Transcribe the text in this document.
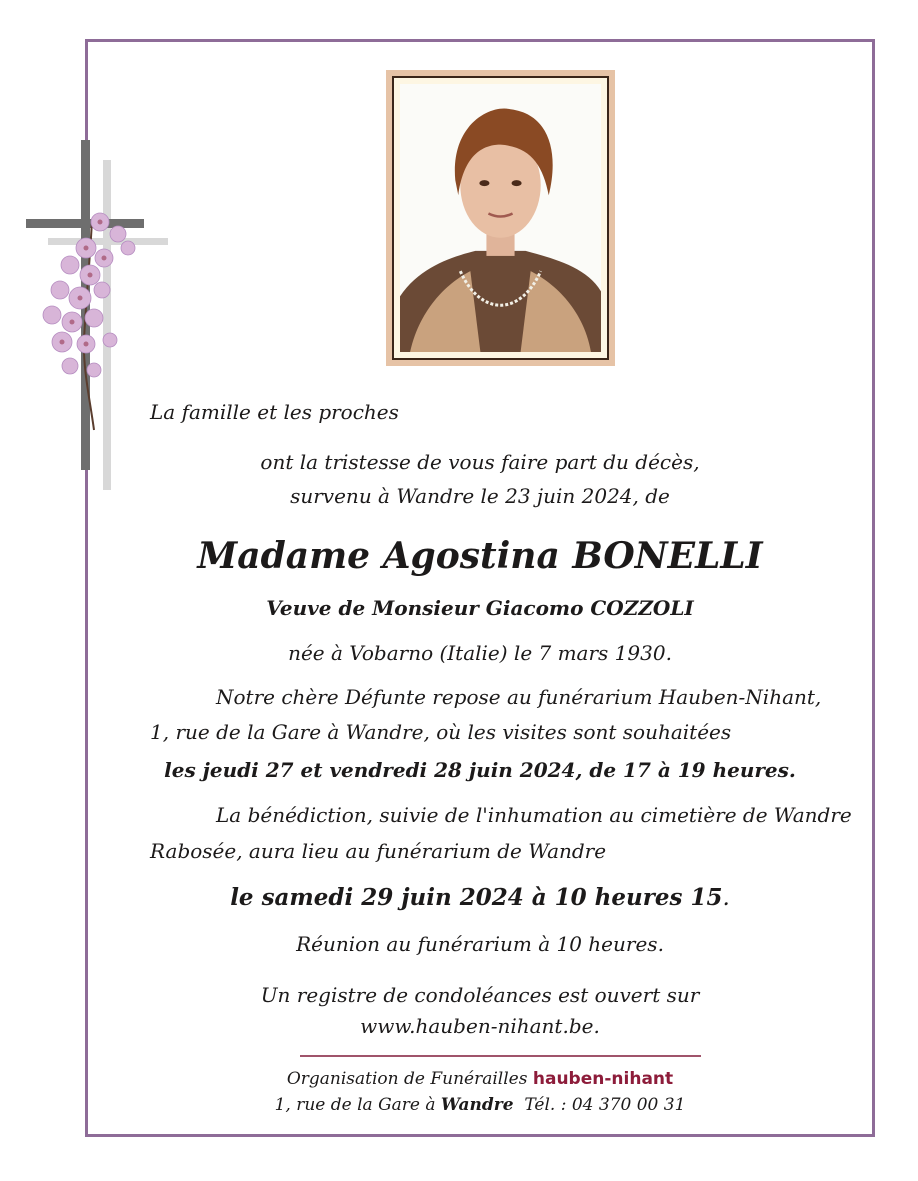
La famille et les proches
ont la tristesse de vous faire part du décès,
survenu à Wandre le 23 juin 2024, de
Madame Agostina BONELLI
Veuve de Monsieur Giacomo COZZOLI
née à Vobarno (Italie) le 7 mars 1930.
Notre chère Défunte repose au funérarium Hauben-Nihant,
1, rue de la Gare à Wandre, où les visites sont souhaitées
les jeudi 27 et vendredi 28 juin 2024, de 17 à 19 heures.
La bénédiction, suivie de l'inhumation au cimetière de Wandre
Rabosée, aura lieu au funérarium de Wandre
le samedi 29 juin 2024 à 10 heures 15.
Réunion au funérarium à 10 heures.
Un registre de condoléances est ouvert sur
www.hauben-nihant.be.
Organisation de Funérailles hauben-nihant
1, rue de la Gare à Wandre Tél. : 04 370 00 31
